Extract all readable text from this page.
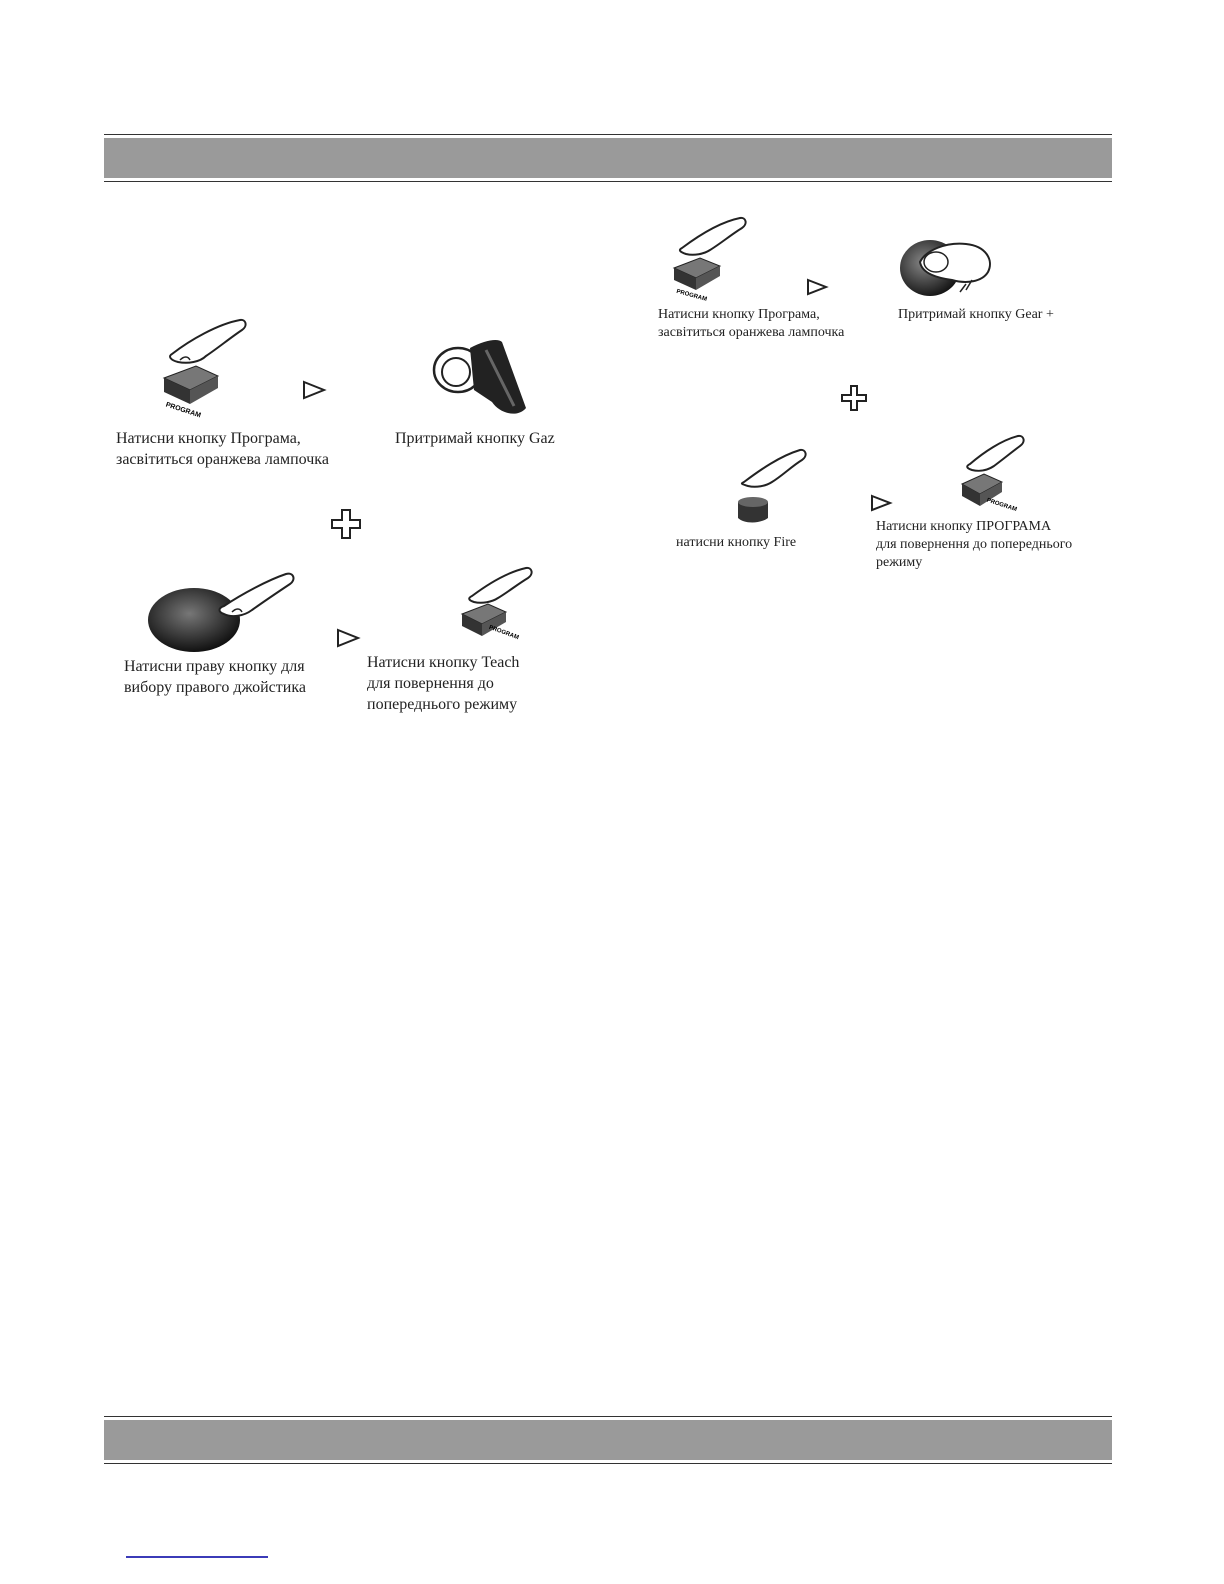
PROGRAM
Натисни кнопку Програма,
засвітиться оранжева лампочка
Притримай кнопку Gaz
PROGRAM
Натисни праву кнопку для
вибору правого джойстика
Натисни кнопку Teach
для повернення до
попереднього режиму
PROGRAM
Натисни кнопку Програма,
засвітиться оранжева лампочка
Притримай кнопку Gear +
PROGRAM
натисни кнопку Fire
Натисни кнопку ПРОГРАМА
для повернення до попереднього
режиму
